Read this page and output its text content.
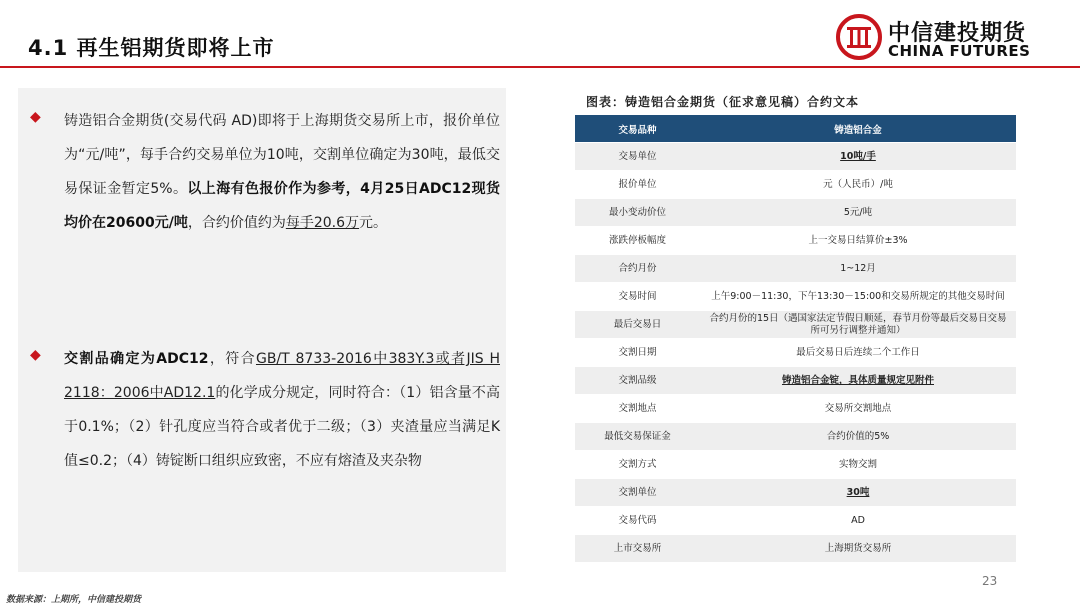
4.1 再生铝期货即将上市
中信建投期货
CHINA FUTURES
◆ 铸造铝合金期货(交易代码 AD)即将于上海期货交易所上市，报价单位为“元/吨”，每手合约交易单位为10吨，交割单位确定为30吨，最低交易保证金暂定5%。以上海有色报价作为参考，4月25日ADC12现货均价在20600元/吨，合约价值约为每手20.6万元。
◆ 交割品确定为ADC12，符合GB/T 8733-2016中383Y.3或者JIS H 2118：2006中AD12.1的化学成分规定，同时符合：（1）铝含量不高于0.1%；（2）针孔度应当符合或者优于二级；（3）夹渣量应当满足K值≤0.2；（4）铸锭断口组织应致密，不应有熔渣及夹杂物
图表：铸造铝合金期货（征求意见稿）合约文本
交易品种	铸造铝合金
交易单位	10吨/手
报价单位	元（人民币）/吨
最小变动价位	5元/吨
涨跌停板幅度	上一交易日结算价±3%
合约月份	1~12月
交易时间	上午9:00－11:30，下午13:30－15:00和交易所规定的其他交易时间
最后交易日	合约月份的15日（遇国家法定节假日顺延，春节月份等最后交易日交易所可另行调整并通知）
交割日期	最后交易日后连续二个工作日
交割品级	铸造铝合金锭，具体质量规定见附件
交割地点	交易所交割地点
最低交易保证金	合约价值的5%
交割方式	实物交割
交割单位	30吨
交易代码	AD
上市交易所	上海期货交易所
23
数据来源：上期所，中信建投期货
